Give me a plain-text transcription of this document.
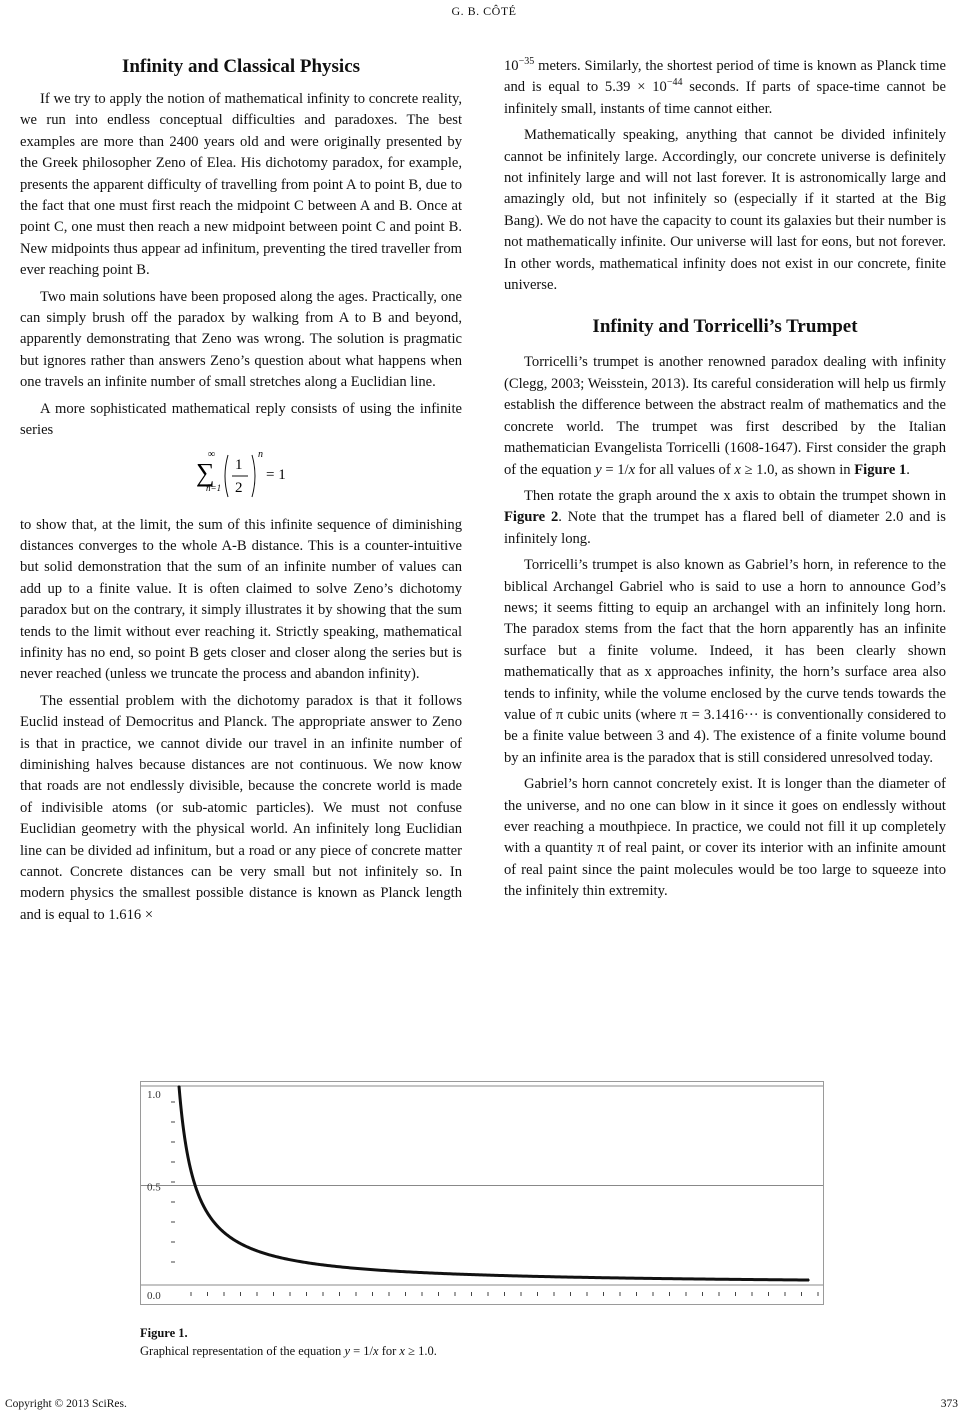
G. B. CÔTÉ
Infinity and Classical Physics

If we try to apply the notion of mathematical infinity to concrete reality, we run into endless conceptual difficulties and paradoxes. The best examples are more than 2400 years old and were originally presented by the Greek philosopher Zeno of Elea. His dichotomy paradox, for example, presents the apparent difficulty of travelling from point A to point B, due to the fact that one must first reach the midpoint C between A and B. Once at point C, one must then reach a new midpoint between point C and point B. New midpoints thus appear ad infinitum, preventing the tired traveller from ever reaching point B.

Two main solutions have been proposed along the ages. Practically, one can simply brush off the paradox by walking from A to B and beyond, apparently demonstrating that Zeno was wrong. The solution is pragmatic but ignores rather than answers Zeno’s question about what happens when one travels an infinite number of small stretches along a Euclidian line.

A more sophisticated mathematical reply consists of using the infinite series

∞
∑
n=1
1
2
n
= 1

to show that, at the limit, the sum of this infinite sequence of diminishing distances converges to the whole A-B distance. This is a counter-intuitive but solid demonstration that the sum of an infinite number of values can add up to a finite value. It is often claimed to solve Zeno’s dichotomy paradox but on the contrary, it simply illustrates it by showing that the sum tends to the limit without ever reaching it. Strictly speaking, mathematical infinity has no end, so point B gets closer and closer along the series but is never reached (unless we truncate the process and abandon infinity).

The essential problem with the dichotomy paradox is that it follows Euclid instead of Democritus and Planck. The appropriate answer to Zeno is that in practice, we cannot divide our travel in an infinite number of diminishing halves because distances are not continuous. We now know that roads are not endlessly divisible, because the concrete world is made of indivisible atoms (or sub-atomic particles). We must not confuse Euclidian geometry with the physical world. An infinitely long Euclidian line can be divided ad infinitum, but a road or any piece of concrete matter cannot. Concrete distances can be very small but not infinitely so. In modern physics the smallest possible distance is known as Planck length and is equal to 1.616 ×

$10^{-35}$ meters. Similarly, the shortest period of time is known as Planck time and is equal to $5.39 \times 10^{-44}$ seconds. If parts of space-time cannot be infinitely small, instants of time cannot either.

Mathematically speaking, anything that cannot be divided infinitely cannot be infinitely large. Accordingly, our concrete universe is definitely not infinitely large and will not last forever. It is astronomically large and amazingly old, but not infinitely so (especially if it started at the Big Bang). We do not have the capacity to count its galaxies but their number is not mathematically infinite. Our universe will last for eons, but not forever. In other words, mathematical infinity does not exist in our concrete, finite universe.

Infinity and Torricelli’s Trumpet

Torricelli’s trumpet is another renowned paradox dealing with infinity (Clegg, 2003; Weisstein, 2013). Its careful consideration will help us firmly establish the difference between the abstract realm of mathematics and the concrete world. The trumpet was first described by the Italian mathematician Evangelista Torricelli (1608-1647). First consider the graph of the equation y = 1/x for all values of x ≥ 1.0, as shown in Figure 1.

Then rotate the graph around the x axis to obtain the trumpet shown in Figure 2. Note that the trumpet has a flared bell of diameter 2.0 and is infinitely long.

Torricelli’s trumpet is also known as Gabriel’s horn, in reference to the biblical Archangel Gabriel who is said to use a horn to announce God’s news; it seems fitting to equip an archangel with an infinitely long horn. The paradox stems from the fact that the horn apparently has an infinite surface but a finite volume. Indeed, it has been clearly shown mathematically that as x approaches infinity, the horn’s surface area also tends to infinity, while the volume enclosed by the curve tends towards the value of π cubic units (where π = 3.1416··· is conventionally considered to be a finite value between 3 and 4). The existence of a finite volume bound by an infinite area is the paradox that is still considered unresolved today.

Gabriel’s horn cannot concretely exist. It is longer than the diameter of the universe, and no one can blow in it since it goes on endlessly without ever reaching a mouthpiece. In practice, we could not fill it up completely with a quantity π of real paint, or cover its interior with an infinite amount of real paint since the paint molecules would be too large to squeeze into the infinitely thin extremity.

1.0
0.5
0.0
Figure 1.
Graphical representation of the equation y = 1/x for x ≥ 1.0.
Copyright © 2013 SciRes.	373
